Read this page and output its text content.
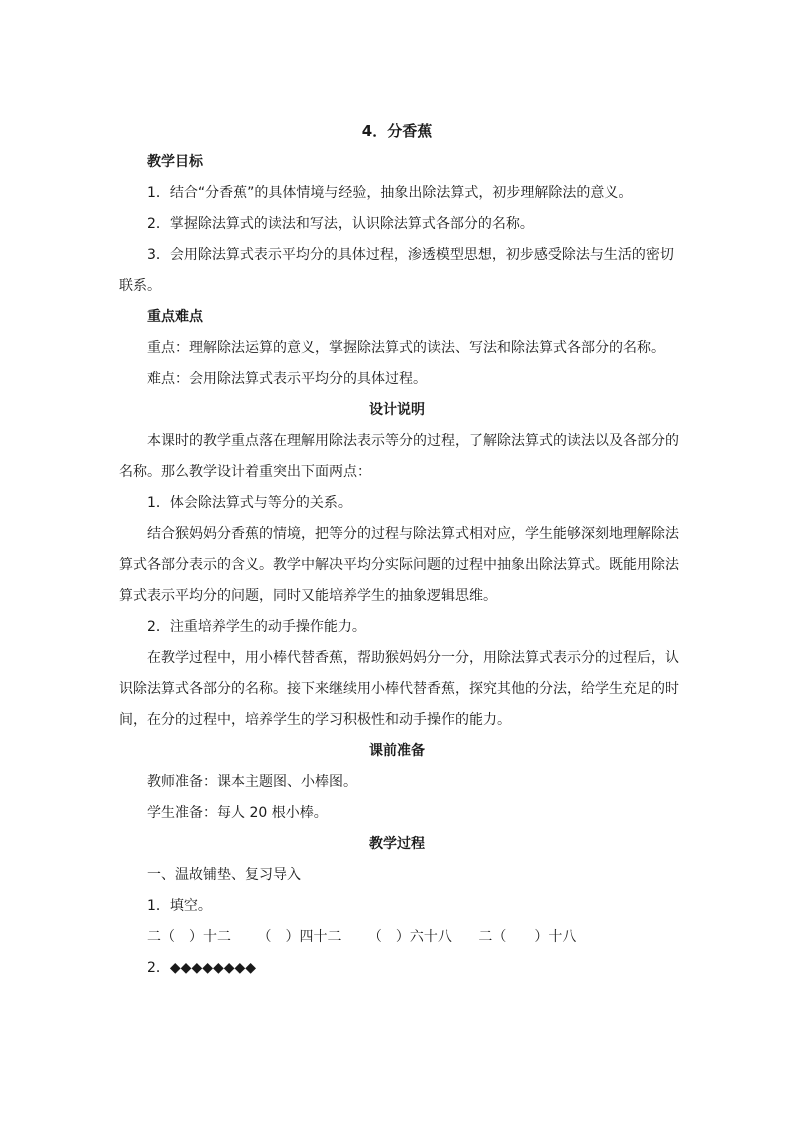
4．分香蕉
教学目标
1．结合“分香蕉”的具体情境与经验，抽象出除法算式，初步理解除法的意义。
2．掌握除法算式的读法和写法，认识除法算式各部分的名称。
3．会用除法算式表示平均分的具体过程，渗透模型思想，初步感受除法与生活的密切
联系。
重点难点
重点：理解除法运算的意义，掌握除法算式的读法、写法和除法算式各部分的名称。
难点：会用除法算式表示平均分的具体过程。
设计说明
本课时的教学重点落在理解用除法表示等分的过程，了解除法算式的读法以及各部分的
名称。那么教学设计着重突出下面两点：
1．体会除法算式与等分的关系。
结合猴妈妈分香蕉的情境，把等分的过程与除法算式相对应，学生能够深刻地理解除法
算式各部分表示的含义。教学中解决平均分实际问题的过程中抽象出除法算式。既能用除法
算式表示平均分的问题，同时又能培养学生的抽象逻辑思维。
2．注重培养学生的动手操作能力。
在教学过程中，用小棒代替香蕉，帮助猴妈妈分一分，用除法算式表示分的过程后，认
识除法算式各部分的名称。接下来继续用小棒代替香蕉，探究其他的分法，给学生充足的时
间，在分的过程中，培养学生的学习积极性和动手操作的能力。
课前准备
教师准备：课本主题图、小棒图。
学生准备：每人 20 根小棒。
教学过程
一、温故铺垫、复习导入
1．填空。
二（　）十二 （　）四十二 （　）六十八 二（　　）十八
2．◆◆◆◆◆◆◆◆
